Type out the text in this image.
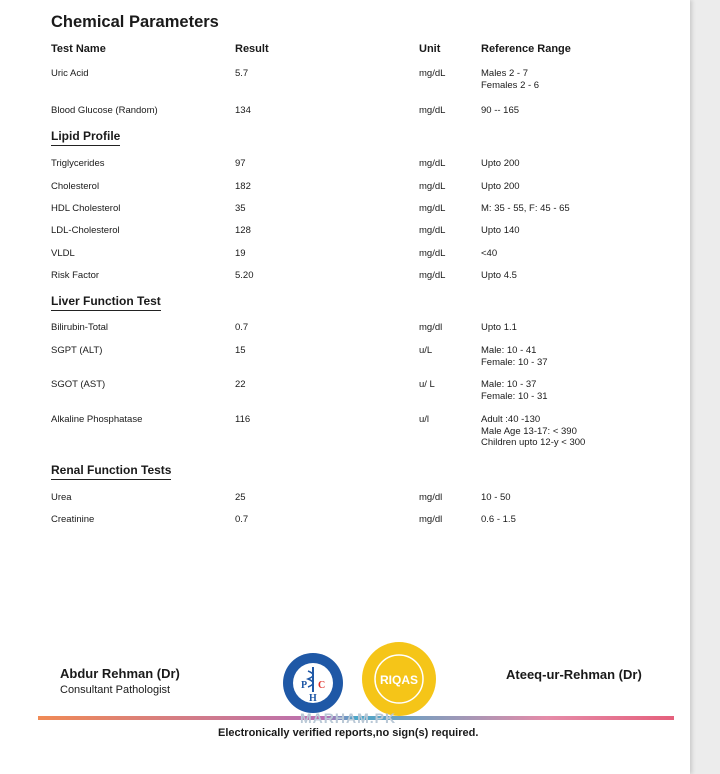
Chemical Parameters
Test Name	Result	Unit	Reference Range
Uric Acid	5.7	mg/dL	Males 2 - 7
Females 2 - 6
Blood Glucose (Random)	134	mg/dL	90 -- 165
Lipid Profile
Triglycerides	97	mg/dL	Upto 200
Cholesterol	182	mg/dL	Upto 200
HDL Cholesterol	35	mg/dL	M: 35 - 55, F: 45 - 65
LDL-Cholesterol	128	mg/dL	Upto 140
VLDL	19	mg/dL	<40
Risk Factor	5.20	mg/dL	Upto 4.5
Liver Function Test
Bilirubin-Total	0.7	mg/dl	Upto 1.1
SGPT (ALT)	15	u/L	Male: 10 - 41
Female: 10 - 37
SGOT (AST)	22	u/ L	Male: 10 - 37
Female: 10 - 31
Alkaline Phosphatase	116	u/l	Adult :40 -130
Male Age 13-17: < 390
Children upto 12-y < 300
Renal Function Tests
Urea	25	mg/dl	10 - 50
Creatinine	0.7	mg/dl	0.6 - 1.5
Abdur Rehman (Dr)
Consultant Pathologist
Ateeq-ur-Rehman (Dr)
P C
H
RIQAS
MARHAM.PK
Electronically verified reports,no sign(s) required.
